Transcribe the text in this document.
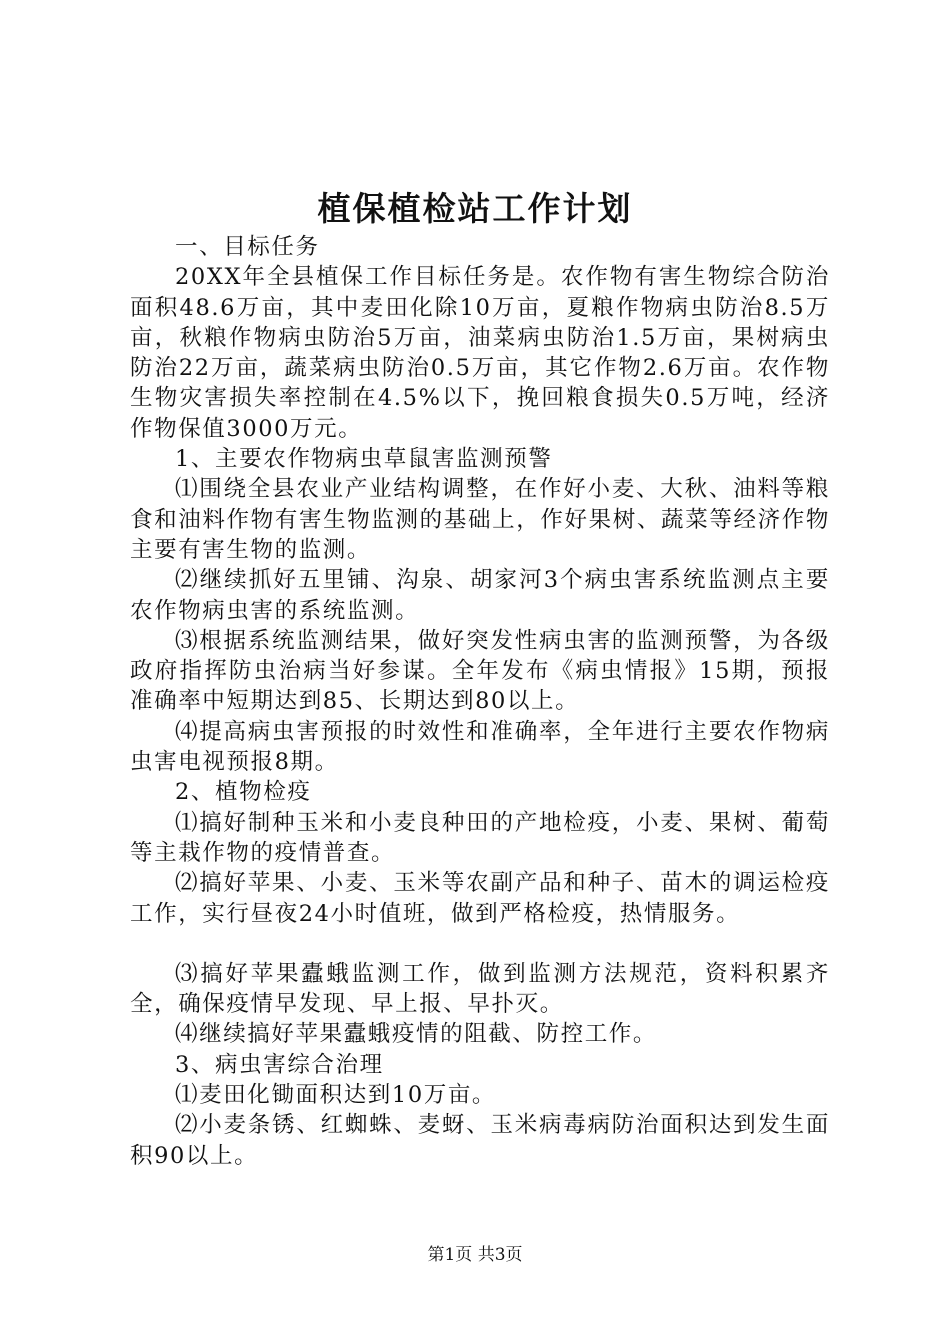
植保植检站工作计划

一、目标任务

20XX年全县植保工作目标任务是。农作物有害生物综合防治面积48.6万亩，其中麦田化除10万亩，夏粮作物病虫防治8.5万亩，秋粮作物病虫防治5万亩，油菜病虫防治1.5万亩，果树病虫防治22万亩，蔬菜病虫防治0.5万亩，其它作物2.6万亩。农作物生物灾害损失率控制在4.5%以下，挽回粮食损失0.5万吨，经济作物保值3000万元。

1、主要农作物病虫草鼠害监测预警

⑴围绕全县农业产业结构调整，在作好小麦、大秋、油料等粮食和油料作物有害生物监测的基础上，作好果树、蔬菜等经济作物主要有害生物的监测。

⑵继续抓好五里铺、沟泉、胡家河3个病虫害系统监测点主要农作物病虫害的系统监测。

⑶根据系统监测结果，做好突发性病虫害的监测预警，为各级政府指挥防虫治病当好参谋。全年发布《病虫情报》15期，预报准确率中短期达到85、长期达到80以上。

⑷提高病虫害预报的时效性和准确率，全年进行主要农作物病虫害电视预报8期。

2、植物检疫

⑴搞好制种玉米和小麦良种田的产地检疫，小麦、果树、葡萄等主栽作物的疫情普查。

⑵搞好苹果、小麦、玉米等农副产品和种子、苗木的调运检疫工作，实行昼夜24小时值班，做到严格检疫，热情服务。

⑶搞好苹果蠹蛾监测工作，做到监测方法规范，资料积累齐全，确保疫情早发现、早上报、早扑灭。

⑷继续搞好苹果蠹蛾疫情的阻截、防控工作。

3、病虫害综合治理

⑴麦田化锄面积达到10万亩。

⑵小麦条锈、红蜘蛛、麦蚜、玉米病毒病防治面积达到发生面积90以上。

第1页 共3页
